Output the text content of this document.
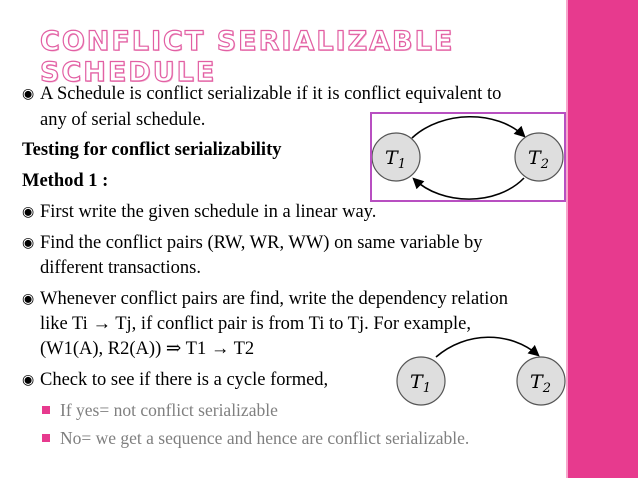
CONFLICT SERIALIZABLE SCHEDULE
◉ A Schedule is conflict serializable if it is conflict equivalent to
any of serial schedule.
Testing for conflict serializability
Method 1 :
◉ First write the given schedule in a linear way.
◉ Find the conflict pairs (RW, WR, WW) on same variable by
different transactions.
◉ Whenever conflict pairs are find, write the dependency relation
like Ti → Tj, if conflict pair is from Ti to Tj. For example,
(W1(A), R2(A)) ⇒ T1 → T2
◉ Check to see if there is a cycle formed,
If yes= not conflict serializable
No= we get a sequence and hence are conflict serializable.
$T_1$	$T_2$
$T_1$	$T_2$
